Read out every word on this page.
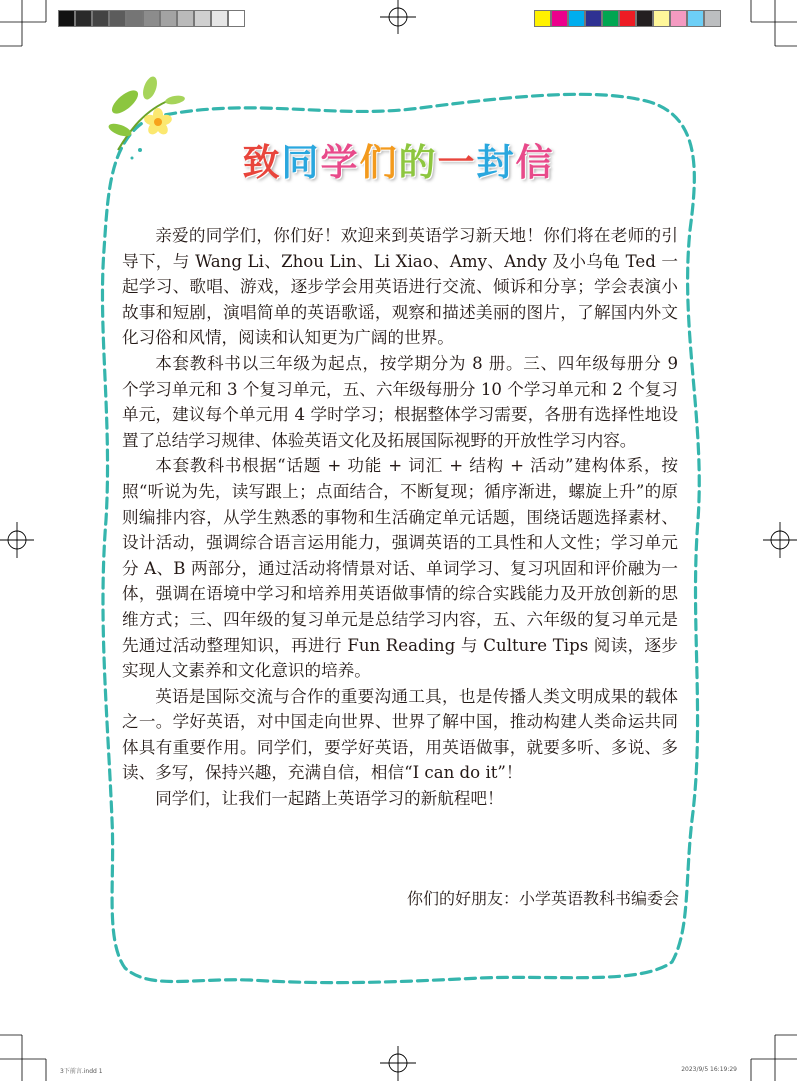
致同学们的一封信

亲爱的同学们，你们好！欢迎来到英语学习新天地！你们将在老师的引导下，与 Wang Li、Zhou Lin、Li Xiao、Amy、Andy 及小乌龟 Ted 一起学习、歌唱、游戏，逐步学会用英语进行交流、倾诉和分享；学会表演小故事和短剧，演唱简单的英语歌谣，观察和描述美丽的图片，了解国内外文化习俗和风情，阅读和认知更为广阔的世界。

本套教科书以三年级为起点，按学期分为 8 册。三、四年级每册分 9 个学习单元和 3 个复习单元，五、六年级每册分 10 个学习单元和 2 个复习单元，建议每个单元用 4 学时学习；根据整体学习需要，各册有选择性地设置了总结学习规律、体验英语文化及拓展国际视野的开放性学习内容。

本套教科书根据“话题 + 功能 + 词汇 + 结构 + 活动”建构体系，按照“听说为先，读写跟上；点面结合，不断复现；循序渐进，螺旋上升”的原则编排内容，从学生熟悉的事物和生活确定单元话题，围绕话题选择素材、设计活动，强调综合语言运用能力，强调英语的工具性和人文性；学习单元分 A、B 两部分，通过活动将情景对话、单词学习、复习巩固和评价融为一体，强调在语境中学习和培养用英语做事情的综合实践能力及开放创新的思维方式；三、四年级的复习单元是总结学习内容，五、六年级的复习单元是先通过活动整理知识，再进行 Fun Reading 与 Culture Tips 阅读，逐步实现人文素养和文化意识的培养。

英语是国际交流与合作的重要沟通工具，也是传播人类文明成果的载体之一。学好英语，对中国走向世界、世界了解中国，推动构建人类命运共同体具有重要作用。同学们，要学好英语，用英语做事，就要多听、多说、多读、多写，保持兴趣，充满自信，相信“I can do it”！

同学们，让我们一起踏上英语学习的新航程吧！

你们的好朋友：小学英语教科书编委会
3下前言.indd 1	2023/9/5 16:19:29
